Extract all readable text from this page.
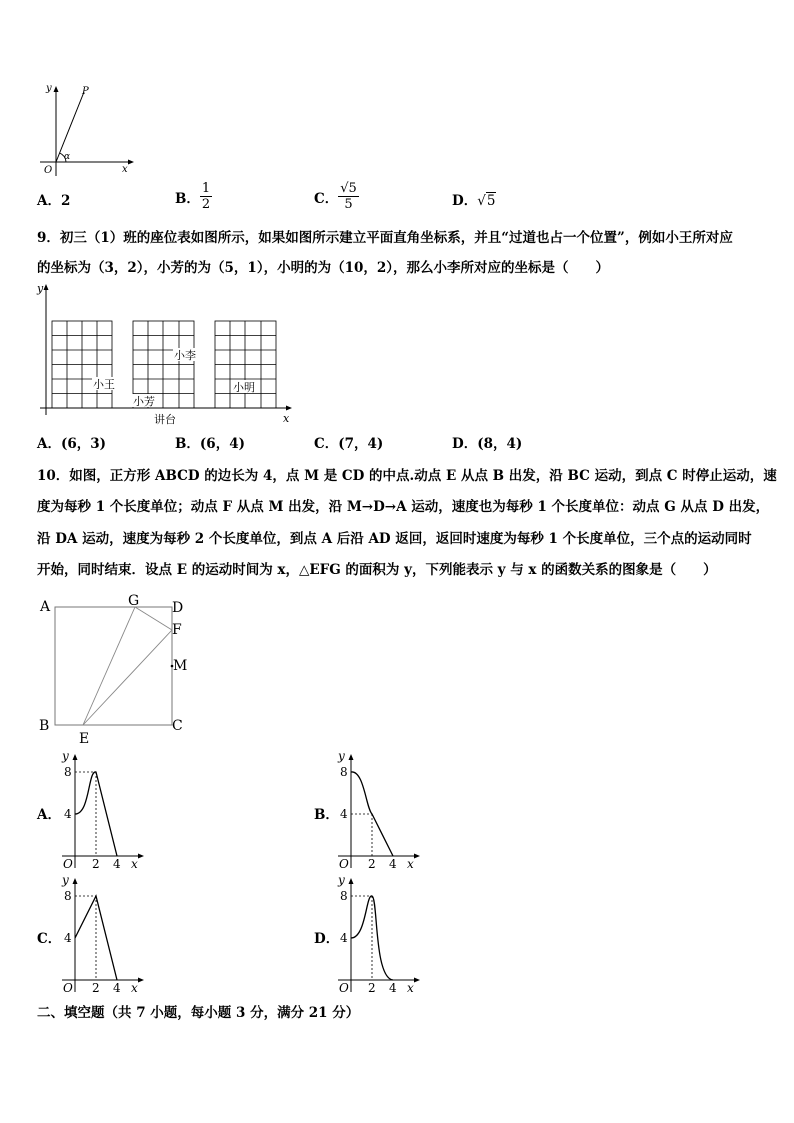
y	P
α
O	x
A．2	B． $\frac{1}{2}$	C． $\frac{√5}{5}$	D．√5
9．初三（1）班的座位表如图所示，如果如图所示建立平面直角坐标系，并且“过道也占一个位置”，例如小王所对应
的坐标为（3，2），小芳的为（5，1），小明的为（10，2），那么小李所对应的坐标是（　　）
y
x
小李
小王
小芳
小明
讲台
A．(6，3)	B．(6，4)	C．(7，4)	D．(8，4)
10．如图，正方形 ABCD 的边长为 4，点 M 是 CD 的中点.动点 E 从点 B 出发，沿 BC 运动，到点 C 时停止运动，速
度为每秒 1 个长度单位；动点 F 从点 M 出发，沿 M→D→A 运动，速度也为每秒 1 个长度单位：动点 G 从点 D 出发，
沿 DA 运动，速度为每秒 2 个长度单位，到点 A 后沿 AD 返回，返回时速度为每秒 1 个长度单位，三个点的运动同时
开始，同时结束．设点 E 的运动时间为 x，△EFG 的面积为 y，下列能表示 y 与 x 的函数关系的图象是（　　）
A	G D
F
M
B	C
E
A．
y
8
4
O 2 4 x
B．
y
8
4
O 2 4 x
C．
y
8
4
O 2 4 x
D．
y
8
4
O 2 4 x
二、填空题（共 7 小题，每小题 3 分，满分 21 分）
